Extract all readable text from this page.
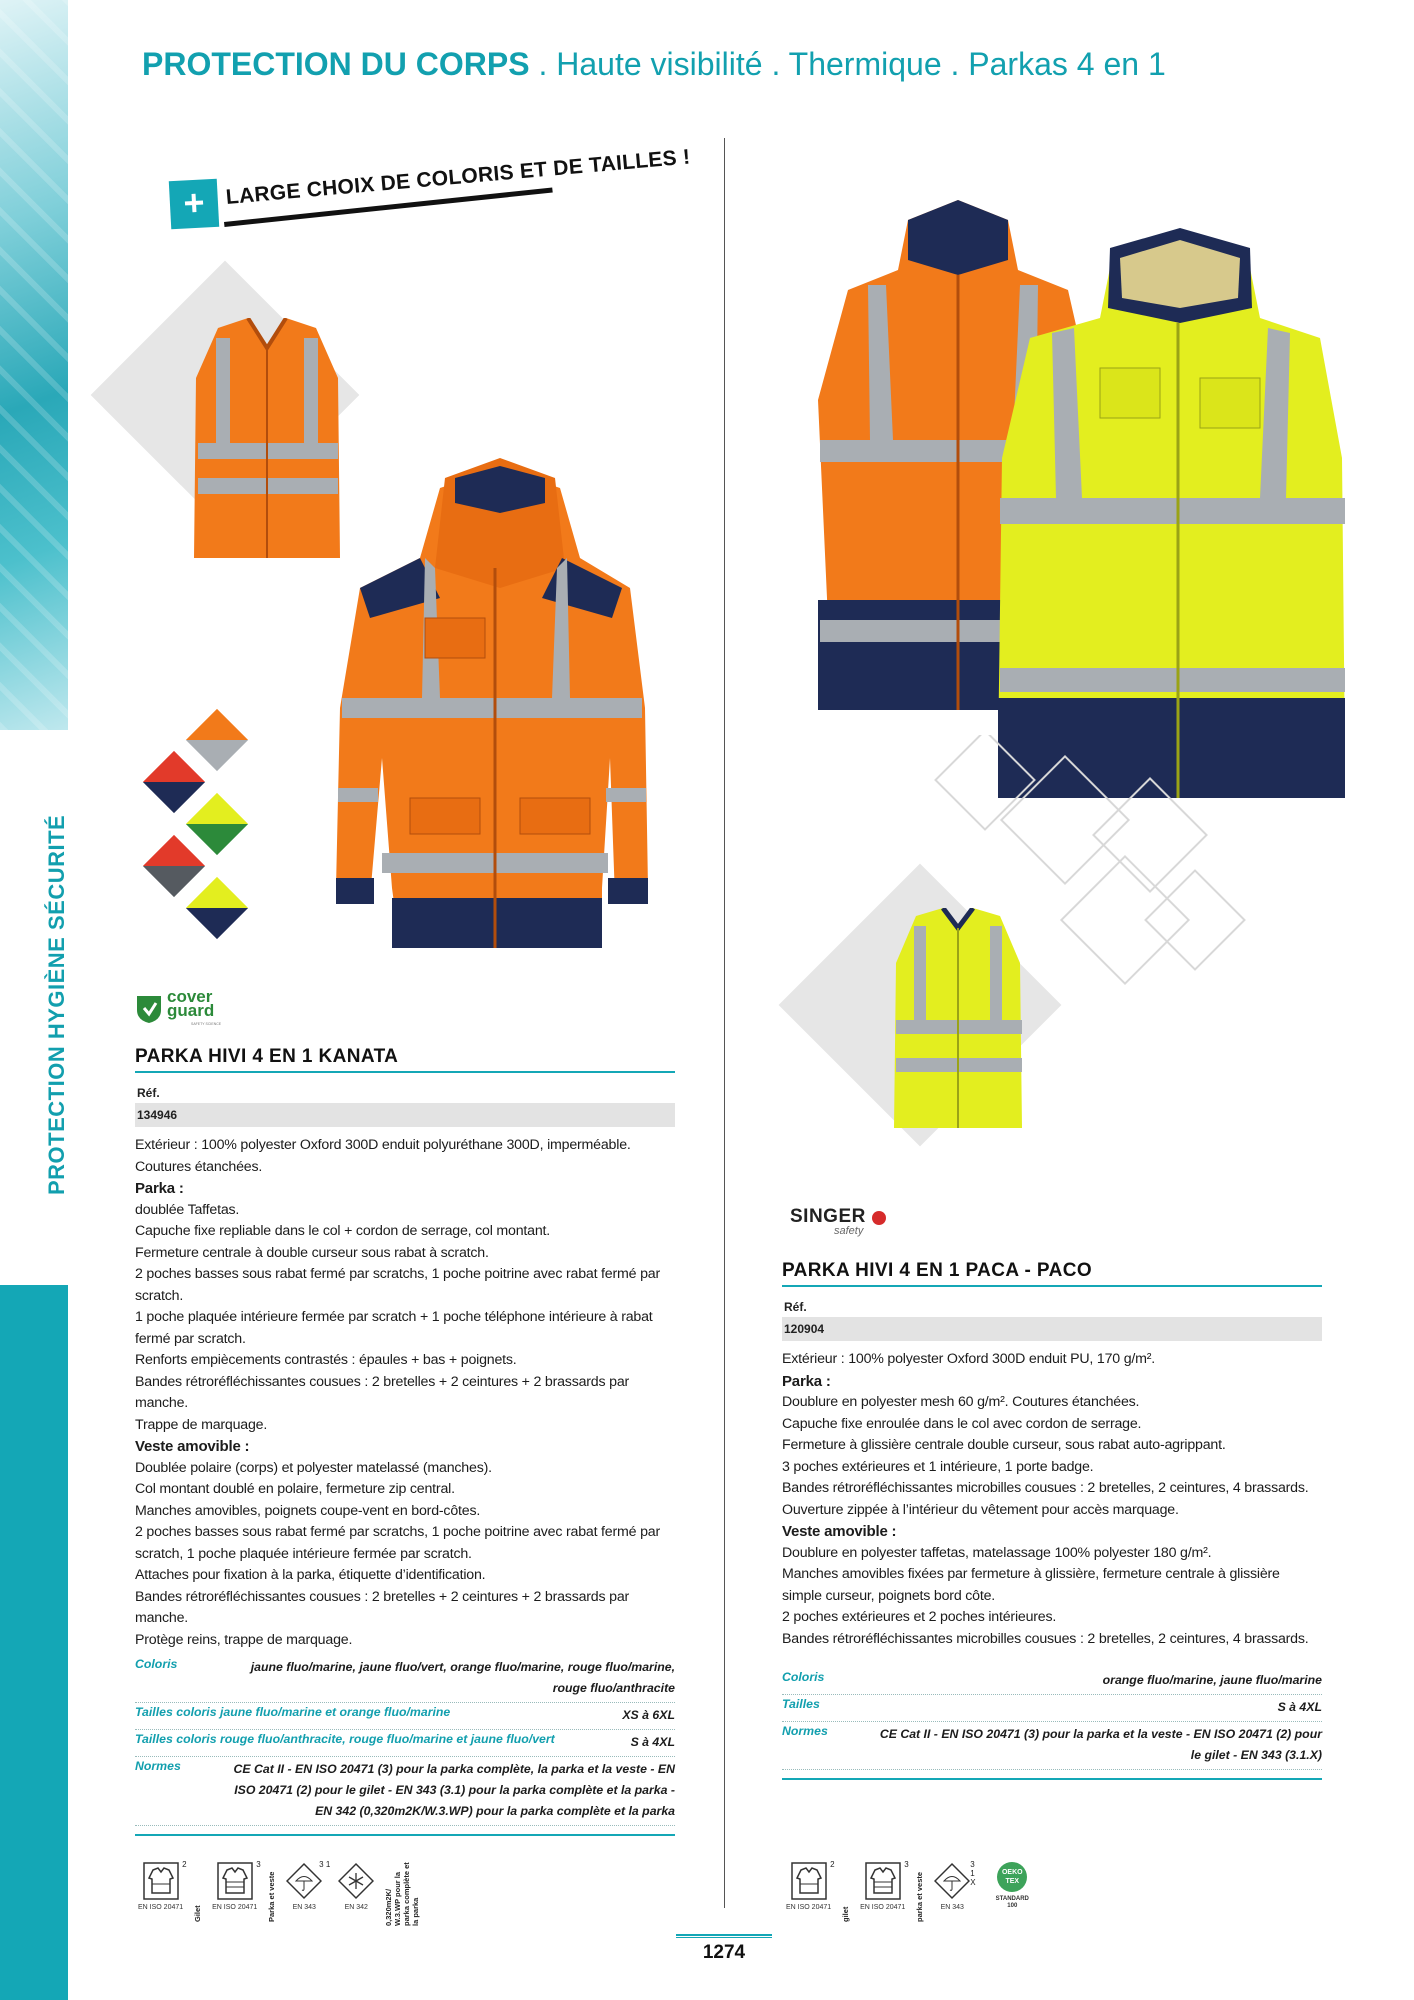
PROTECTION HYGIÈNE SÉCURITÉ
PROTECTION DU CORPS . Haute visibilité . Thermique . Parkas 4 en 1
+ LARGE CHOIX DE COLORIS ET DE TAILLES !
cover
guard
SAFETY SCIENCE
PARKA HIVI 4 EN 1 KANATA
Réf.
134946
Extérieur : 100% polyester Oxford 300D enduit polyuréthane 300D, imperméable. Coutures étanchées.
Parka :
doublée Taffetas.
Capuche fixe repliable dans le col + cordon de serrage, col montant.
Fermeture centrale à double curseur sous rabat à scratch.
2 poches basses sous rabat fermé par scratchs, 1 poche poitrine avec rabat fermé par scratch.
1 poche plaquée intérieure fermée par scratch + 1 poche téléphone intérieure à rabat fermé par scratch.
Renforts empiècements contrastés : épaules + bas + poignets.
Bandes rétroréfléchissantes cousues : 2 bretelles + 2 ceintures + 2 brassards par manche.
Trappe de marquage.
Veste amovible :
Doublée polaire (corps) et polyester matelassé (manches).
Col montant doublé en polaire, fermeture zip central.
Manches amovibles, poignets coupe-vent en bord-côtes.
2 poches basses sous rabat fermé par scratchs, 1 poche poitrine avec rabat fermé par scratch, 1 poche plaquée intérieure fermée par scratch.
Attaches pour fixation à la parka, étiquette d’identification.
Bandes rétroréfléchissantes cousues : 2 bretelles + 2 ceintures + 2 brassards par manche.
Protège reins, trappe de marquage.
Coloris	jaune fluo/marine, jaune fluo/vert, orange fluo/marine, rouge fluo/marine, rouge fluo/anthracite
Tailles coloris jaune fluo/marine et orange fluo/marine	XS à 6XL
Tailles coloris rouge fluo/anthracite, rouge fluo/marine et jaune fluo/vert	S à 4XL
Normes	CE Cat II - EN ISO 20471 (3) pour la parka complète, la parka et la veste - EN ISO 20471 (2) pour le gilet - EN 343 (3.1) pour la parka complète et la parka - EN 342 (0,320m2K/W.3.WP) pour la parka complète et la parka
2
EN ISO 20471 Gilet
3
EN ISO 20471 Parka et veste
3 1
EN 343	EN 342 0,320m2K/ W.3.WP pour la parka complète et la parka
SINGER
safety
PARKA HIVI 4 EN 1 PACA - PACO
Réf.
120904
Extérieur : 100% polyester Oxford 300D enduit PU, 170 g/m².
Parka :
Doublure en polyester mesh 60 g/m². Coutures étanchées.
Capuche fixe enroulée dans le col avec cordon de serrage.
Fermeture à glissière centrale double curseur, sous rabat auto-agrippant.
3 poches extérieures et 1 intérieure, 1 porte badge.
Bandes rétroréfléchissantes microbilles cousues : 2 bretelles, 2 ceintures, 4 brassards.
Ouverture zippée à l’intérieur du vêtement pour accès marquage.
Veste amovible :
Doublure en polyester taffetas, matelassage 100% polyester 180 g/m².
Manches amovibles fixées par fermeture à glissière, fermeture centrale à glissière simple curseur, poignets bord côte.
2 poches extérieures et 2 poches intérieures.
Bandes rétroréfléchissantes microbilles cousues : 2 bretelles, 2 ceintures, 4 brassards.
Coloris	orange fluo/marine, jaune fluo/marine
Tailles	S à 4XL
Normes	CE Cat II - EN ISO 20471 (3) pour la parka et la veste - EN ISO 20471 (2) pour le gilet - EN 343 (3.1.X)
2
EN ISO 20471 gilet
3
EN ISO 20471 parka et veste
3 1 X
EN 343
OEKO
TEX
STANDARD 100
1274
